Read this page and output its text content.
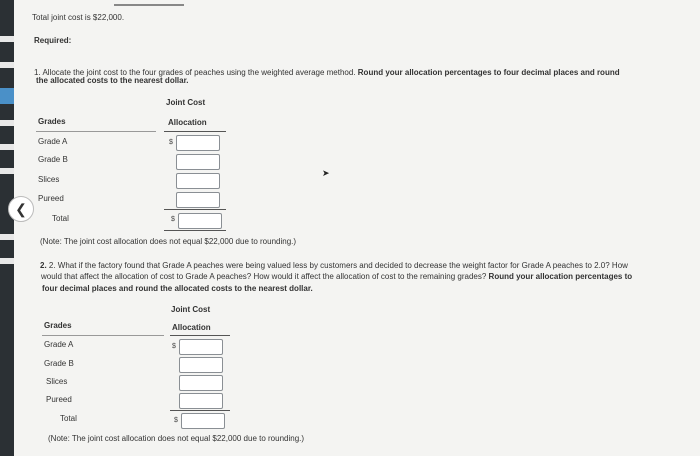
Total joint cost is $22,000.
Required:
1. Allocate the joint cost to the four grades of peaches using the weighted average method. Round your allocation percentages to four decimal places and round
the allocated costs to the nearest dollar.
Joint Cost
Grades	Allocation
Grade A	$
Grade B
Slices
Pureed
Total	$
(Note: The joint cost allocation does not equal $22,000 due to rounding.)
2. 2. What if the factory found that Grade A peaches were being valued less by customers and decided to decrease the weight factor for Grade A peaches to 2.0? How
would that affect the allocation of cost to Grade A peaches? How would it affect the allocation of cost to the remaining grades? Round your allocation percentages to
four decimal places and round the allocated costs to the nearest dollar.
Joint Cost
Grades	Allocation
Grade A	$
Grade B
Slices
Pureed
Total	$
(Note: The joint cost allocation does not equal $22,000 due to rounding.)
➤
❮
